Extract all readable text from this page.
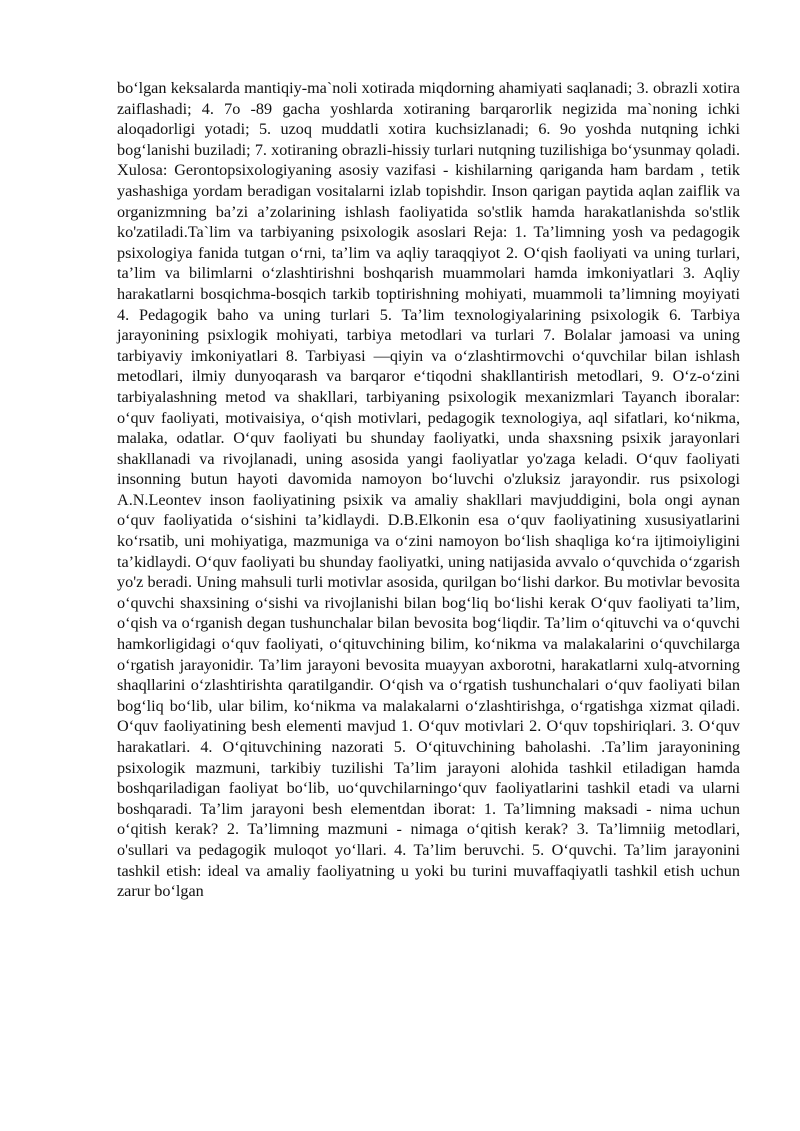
bo‘lgan keksalarda mantiqiy-ma`noli xotirada miqdorning ahamiyati saqlanadi; 3. obrazli xotira zaiflashadi; 4. 7o -89 gacha yoshlarda xotiraning barqarorlik negizida ma`noning ichki aloqadorligi yotadi; 5. uzoq muddatli xotira kuchsizlanadi; 6. 9o yoshda nutqning ichki bog‘lanishi buziladi; 7. xotiraning obrazli-hissiy turlari nutqning tuzilishiga bo‘ysunmay qoladi. Xulosa: Gerontopsixologiyaning asosiy vazifasi - kishilarning qariganda ham bardam , tetik yashashiga yordam beradigan vositalarni izlab topishdir. Inson qarigan paytida aqlan zaiflik va organizmning ba’zi a’zolarining ishlash faoliyatida so'stlik hamda harakatlanishda so'stlik ko'zatiladi.Ta`lim va tarbiyaning psixologik asoslari Reja: 1. Ta’limning yosh va pedagogik psixologiya fanida tutgan o‘rni, ta’lim va aqliy taraqqiyot 2. O‘qish faoliyati va uning turlari, ta’lim va bilimlarni o‘zlashtirishni boshqarish muammolari hamda imkoniyatlari 3. Aqliy harakatlarni bosqichma-bosqich tarkib toptirishning mohiyati, muammoli ta’limning moyiyati 4. Pedagogik baho va uning turlari 5. Ta’lim texnologiyalarining psixologik 6. Tarbiya jarayonining psixlogik mohiyati, tarbiya metodlari va turlari 7. Bolalar jamoasi va uning tarbiyaviy imkoniyatlari 8. Tarbiyasi —qiyin va o‘zlashtirmovchi o‘quvchilar bilan ishlash metodlari, ilmiy dunyoqarash va barqaror e‘tiqodni shakllantirish metodlari, 9. O‘z-o‘zini tarbiyalashning metod va shakllari, tarbiyaning psixologik mexanizmlari Tayanch iboralar: o‘quv faoliyati, motivaisiya, o‘qish motivlari, pedagogik texnologiya, aql sifatlari, ko‘nikma, malaka, odatlar. O‘quv faoliyati bu shunday faoliyatki, unda shaxsning psixik jarayonlari shakllanadi va rivojlanadi, uning asosida yangi faoliyatlar yo'zaga keladi. O‘quv faoliyati insonning butun hayoti davomida namoyon bo‘luvchi o'zluksiz jarayondir. rus psixologi A.N.Leontev inson faoliyatining psixik va amaliy shakllari mavjuddigini, bola ongi aynan o‘quv faoliyatida o‘sishini ta’kidlaydi. D.B.Elkonin esa o‘quv faoliyatining xususiyatlarini ko‘rsatib, uni mohiyatiga, mazmuniga va o‘zini namoyon bo‘lish shaqliga ko‘ra ijtimoiyligini ta’kidlaydi. O‘quv faoliyati bu shunday faoliyatki, uning natijasida avvalo o‘quvchida o‘zgarish yo'z beradi. Uning mahsuli turli motivlar asosida, qurilgan bo‘lishi darkor. Bu motivlar bevosita o‘quvchi shaxsining o‘sishi va rivojlanishi bilan bog‘liq bo‘lishi kerak O‘quv faoliyati ta’lim, o‘qish va o‘rganish degan tushunchalar bilan bevosita bog‘liqdir. Ta’lim o‘qituvchi va o‘quvchi hamkorligidagi o‘quv faoliyati, o‘qituvchining bilim, ko‘nikma va malakalarini o‘quvchilarga o‘rgatish jarayonidir. Ta’lim jarayoni bevosita muayyan axborotni, harakatlarni xulq-atvorning shaqllarini o‘zlashtirishta qaratilgandir. O‘qish va o‘rgatish tushunchalari o‘quv faoliyati bilan bog‘liq bo‘lib, ular bilim, ko‘nikma va malakalarni o‘zlashtirishga, o‘rgatishga xizmat qiladi. O‘quv faoliyatining besh elementi mavjud 1. O‘quv motivlari 2. O‘quv topshiriqlari. 3. O‘quv harakatlari. 4. O‘qituvchining nazorati 5. O‘qituvchining baholashi. .Ta’lim jarayonining psixologik mazmuni, tarkibiy tuzilishi Ta’lim jarayoni alohida tashkil etiladigan hamda boshqariladigan faoliyat bo‘lib, uo‘quvchilarningo‘quv faoliyatlarini tashkil etadi va ularni boshqaradi. Ta’lim jarayoni besh elementdan iborat: 1. Ta’limning maksadi - nima uchun o‘qitish kerak? 2. Ta’limning mazmuni - nimaga o‘qitish kerak? 3. Ta’limniig metodlari, o'sullari va pedagogik muloqot yo‘llari. 4. Ta’lim beruvchi. 5. O‘quvchi. Ta’lim jarayonini tashkil etish: ideal va amaliy faoliyatning u yoki bu turini muvaffaqiyatli tashkil etish uchun zarur bo‘lgan
